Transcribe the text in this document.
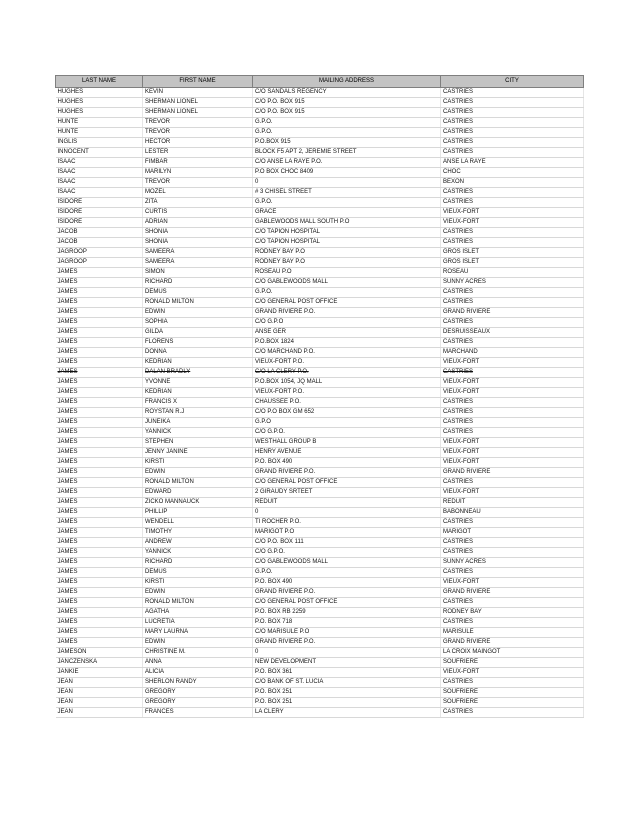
LAST NAME	FIRST NAME	MAILING ADDRESS	CITY
HUGHES	KEVIN	C/O SANDALS REGENCY	CASTRIES
HUGHES	SHERMAN LIONEL	C/O P.O. BOX 915	CASTRIES
HUGHES	SHERMAN LIONEL	C/O P.O. BOX 915	CASTRIES
HUNTE	TREVOR	G.P.O.	CASTRIES
HUNTE	TREVOR	G.P.O.	CASTRIES
INGLIS	HECTOR	P.O.BOX 915	CASTRIES
INNOCENT	LESTER	BLOCK F5 APT 2, JEREMIE STREET	CASTRIES
ISAAC	FIMBAR	C/O ANSE LA RAYE P.O.	ANSE LA RAYE
ISAAC	MARILYN	P.O BOX CHOC 8409	CHOC
ISAAC	TREVOR	0	BEXON
ISAAC	MOZEL	# 3 CHISEL STREET	CASTRIES
ISIDORE	ZITA	G.P.O.	CASTRIES
ISIDORE	CURTIS	GRACE	VIEUX-FORT
ISIDORE	ADRIAN	GABLEWOODS MALL SOUTH P.O	VIEUX-FORT
JACOB	SHONIA	C/O TAPION HOSPITAL	CASTRIES
JACOB	SHONIA	C/O TAPION HOSPITAL	CASTRIES
JAGROOP	SAMEERA	RODNEY BAY P.O	GROS ISLET
JAGROOP	SAMEERA	RODNEY BAY P.O	GROS ISLET
JAMES	SIMON	ROSEAU P.O	ROSEAU
JAMES	RICHARD	C/O GABLEWOODS MALL	SUNNY ACRES
JAMES	DEMUS	G.P.O.	CASTRIES
JAMES	RONALD MILTON	C/O GENERAL POST OFFICE	CASTRIES
JAMES	EDWIN	GRAND RIVIERE P.O.	GRAND RIVIERE
JAMES	SOPHIA	C/O G.P.O	CASTRIES
JAMES	GILDA	ANSE GER	DESRUISSEAUX
JAMES	FLORENS	P.O.BOX 1824	CASTRIES
JAMES	DONNA	C/O MARCHAND P.O.	MARCHAND
JAMES	KEDRIAN	VIEUX-FORT P.O.	VIEUX-FORT
JAMES	DALAN BRADLY	C/O LA CLERY P.O.	CASTRIES
JAMES	YVONNE	P.O.BOX 1054, JQ MALL	VIEUX-FORT
JAMES	KEDRIAN	VIEUX-FORT P.O.	VIEUX-FORT
JAMES	FRANCIS X	CHAUSSEE P.O.	CASTRIES
JAMES	ROYSTAN R.J	C/O P.O BOX GM 652	CASTRIES
JAMES	JUNEIKA	G.P.O	CASTRIES
JAMES	YANNICK	C/O G.P.O.	CASTRIES
JAMES	STEPHEN	WESTHALL GROUP B	VIEUX-FORT
JAMES	JENNY JANINE	HENRY AVENUE	VIEUX-FORT
JAMES	KIRSTI	P.O. BOX 490	VIEUX-FORT
JAMES	EDWIN	GRAND RIVIERE P.O.	GRAND RIVIERE
JAMES	RONALD MILTON	C/O GENERAL POST OFFICE	CASTRIES
JAMES	EDWARD	2 GIRAUDY SRTEET	VIEUX-FORT
JAMES	ZICKO MANNAUCK	REDUIT	REDUIT
JAMES	PHILLIP	0	BABONNEAU
JAMES	WENDELL	TI ROCHER P.O.	CASTRIES
JAMES	TIMOTHY	MARIGOT P.O	MARIGOT
JAMES	ANDREW	C/O P.O. BOX 111	CASTRIES
JAMES	YANNICK	C/O G.P.O.	CASTRIES
JAMES	RICHARD	C/O GABLEWOODS MALL	SUNNY ACRES
JAMES	DEMUS	G.P.O.	CASTRIES
JAMES	KIRSTI	P.O. BOX 490	VIEUX-FORT
JAMES	EDWIN	GRAND RIVIERE P.O.	GRAND RIVIERE
JAMES	RONALD MILTON	C/O GENERAL POST OFFICE	CASTRIES
JAMES	AGATHA	P.O. BOX RB 2259	RODNEY BAY
JAMES	LUCRETIA	P.O. BOX 718	CASTRIES
JAMES	MARY LAURNA	C/O MARISULE P.O	MARISULE
JAMES	EDWIN	GRAND RIVIERE P.O.	GRAND RIVIERE
JAMESON	CHRISTINE M.	0	LA CROIX MAINGOT
JANCZENSKA	ANNA	NEW DEVELOPMENT	SOUFRIERE
JANKIE	ALICIA	P.O. BOX 361	VIEUX-FORT
JEAN	SHERLON RANDY	C/O BANK OF ST. LUCIA	CASTRIES
JEAN	GREGORY	P.O. BOX 251	SOUFRIERE
JEAN	GREGORY	P.O. BOX 251	SOUFRIERE
JEAN	FRANCES	LA CLERY	CASTRIES
